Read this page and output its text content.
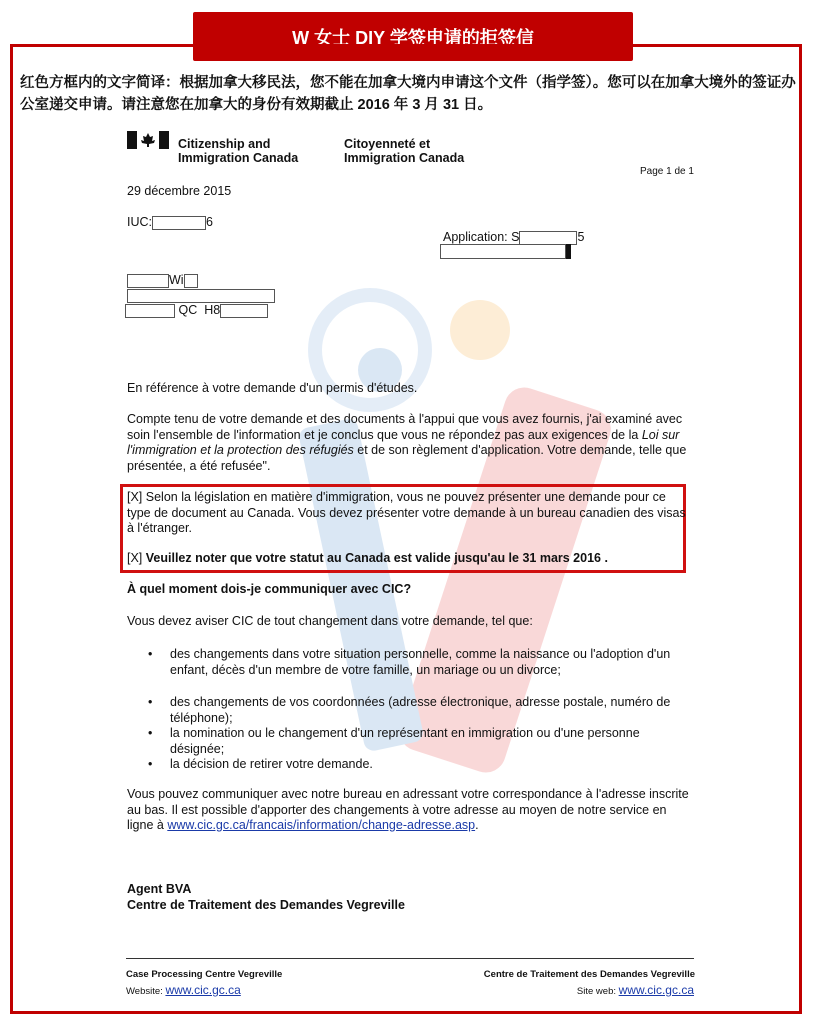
W 女士 DIY 学签申请的拒签信
红色方框内的文字简译：根据加拿大移民法，您不能在加拿大境内申请这个文件（指学签）。您可以在加拿大境外的签证办公室递交申请。请注意您在加拿大的身份有效期截止 2016 年 3 月 31 日。
Citizenship and
Immigration Canada
Citoyenneté et
Immigration Canada
Page 1 de 1
29 décembre 2015
IUC:	6
Application: S	5
Wi
QC H8
En référence à votre demande d'un permis d'études.
Compte tenu de votre demande et des documents à l'appui que vous avez fournis, j'ai examiné avec soin l'ensemble de l'information et je conclus que vous ne répondez pas aux exigences de la Loi sur l'immigration et la protection des réfugiés et de son règlement d'application. Votre demande, telle que présentée, a été refusée".
[X] Selon la législation en matière d'immigration, vous ne pouvez présenter une demande pour ce type de document au Canada. Vous devez présenter votre demande à un bureau canadien des visas à l'étranger.
[X] Veuillez noter que votre statut au Canada est valide jusqu'au le 31 mars 2016 .
À quel moment dois-je communiquer avec CIC?
Vous devez aviser CIC de tout changement dans votre demande, tel que:
• des changements dans votre situation personnelle, comme la naissance ou l'adoption d'un enfant, décès d'un membre de votre famille, un mariage ou un divorce;
• des changements de vos coordonnées (adresse électronique, adresse postale, numéro de téléphone);
• la nomination ou le changement d'un représentant en immigration ou d'une personne désignée;
• la décision de retirer votre demande.
Vous pouvez communiquer avec notre bureau en adressant votre correspondance à l'adresse inscrite au bas. Il est possible d'apporter des changements à votre adresse au moyen de notre service en ligne à www.cic.gc.ca/francais/information/change-adresse.asp.
Agent BVA
Centre de Traitement des Demandes Vegreville
Case Processing Centre Vegreville
Website: www.cic.gc.ca
Centre de Traitement des Demandes Vegreville
Site web: www.cic.gc.ca
